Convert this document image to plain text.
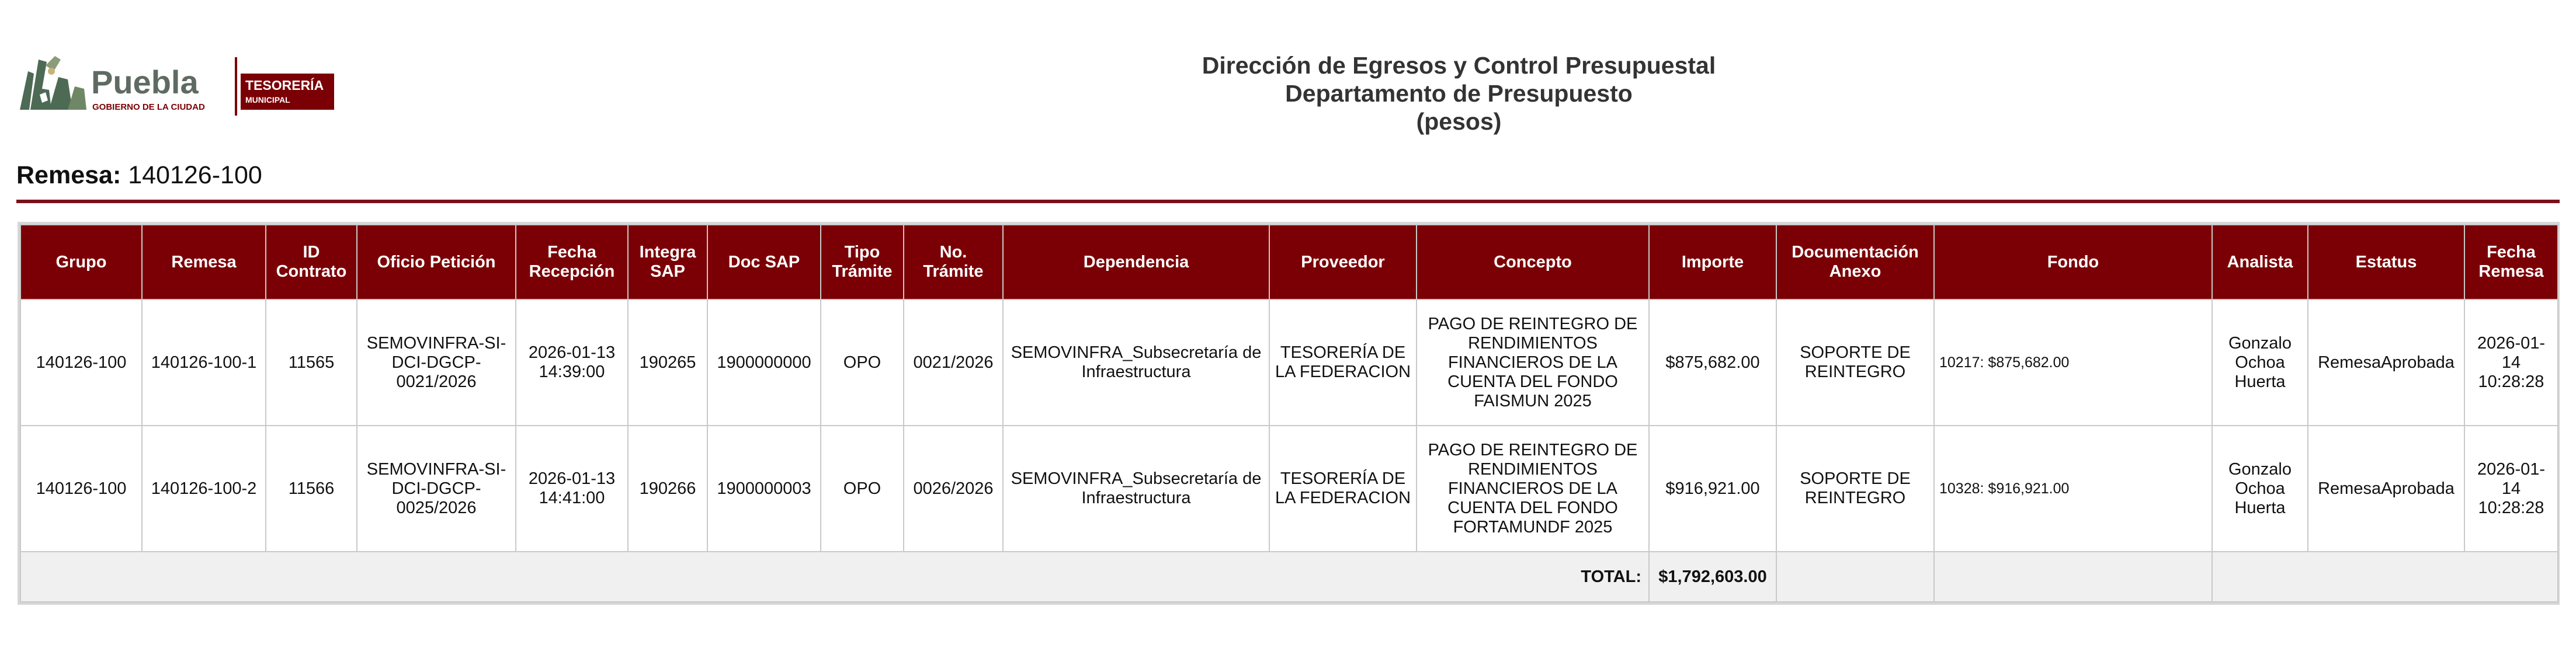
Puebla
GOBIERNO DE LA CIUDAD
TESORERÍA
MUNICIPAL
Dirección de Egresos y Control Presupuestal
Departamento de Presupuesto
(pesos)
Remesa: 140126-100
Grupo	Remesa	ID Contrato	Oficio Petición	Fecha Recepción	Integra SAP	Doc SAP	Tipo Trámite	No. Trámite	Dependencia	Proveedor	Concepto	Importe	Documentación Anexo	Fondo	Analista	Estatus	Fecha Remesa
140126-100	140126-100-1	11565	SEMOVINFRA-SI-DCI-DGCP-0021/2026	2026-01-13 14:39:00	190265	1900000000	OPO	0021/2026	SEMOVINFRA_Subsecretaría de Infraestructura	TESORERÍA DE LA FEDERACION	PAGO DE REINTEGRO DE RENDIMIENTOS FINANCIEROS DE LA CUENTA DEL FONDO FAISMUN 2025	$875,682.00	SOPORTE DE REINTEGRO	10217: $875,682.00	Gonzalo Ochoa Huerta	RemesaAprobada	2026-01-14 10:28:28
140126-100	140126-100-2	11566	SEMOVINFRA-SI-DCI-DGCP-0025/2026	2026-01-13 14:41:00	190266	1900000003	OPO	0026/2026	SEMOVINFRA_Subsecretaría de Infraestructura	TESORERÍA DE LA FEDERACION	PAGO DE REINTEGRO DE RENDIMIENTOS FINANCIEROS DE LA CUENTA DEL FONDO FORTAMUNDF 2025	$916,921.00	SOPORTE DE REINTEGRO	10328: $916,921.00	Gonzalo Ochoa Huerta	RemesaAprobada	2026-01-14 10:28:28
TOTAL:												$1,792,603.00					
